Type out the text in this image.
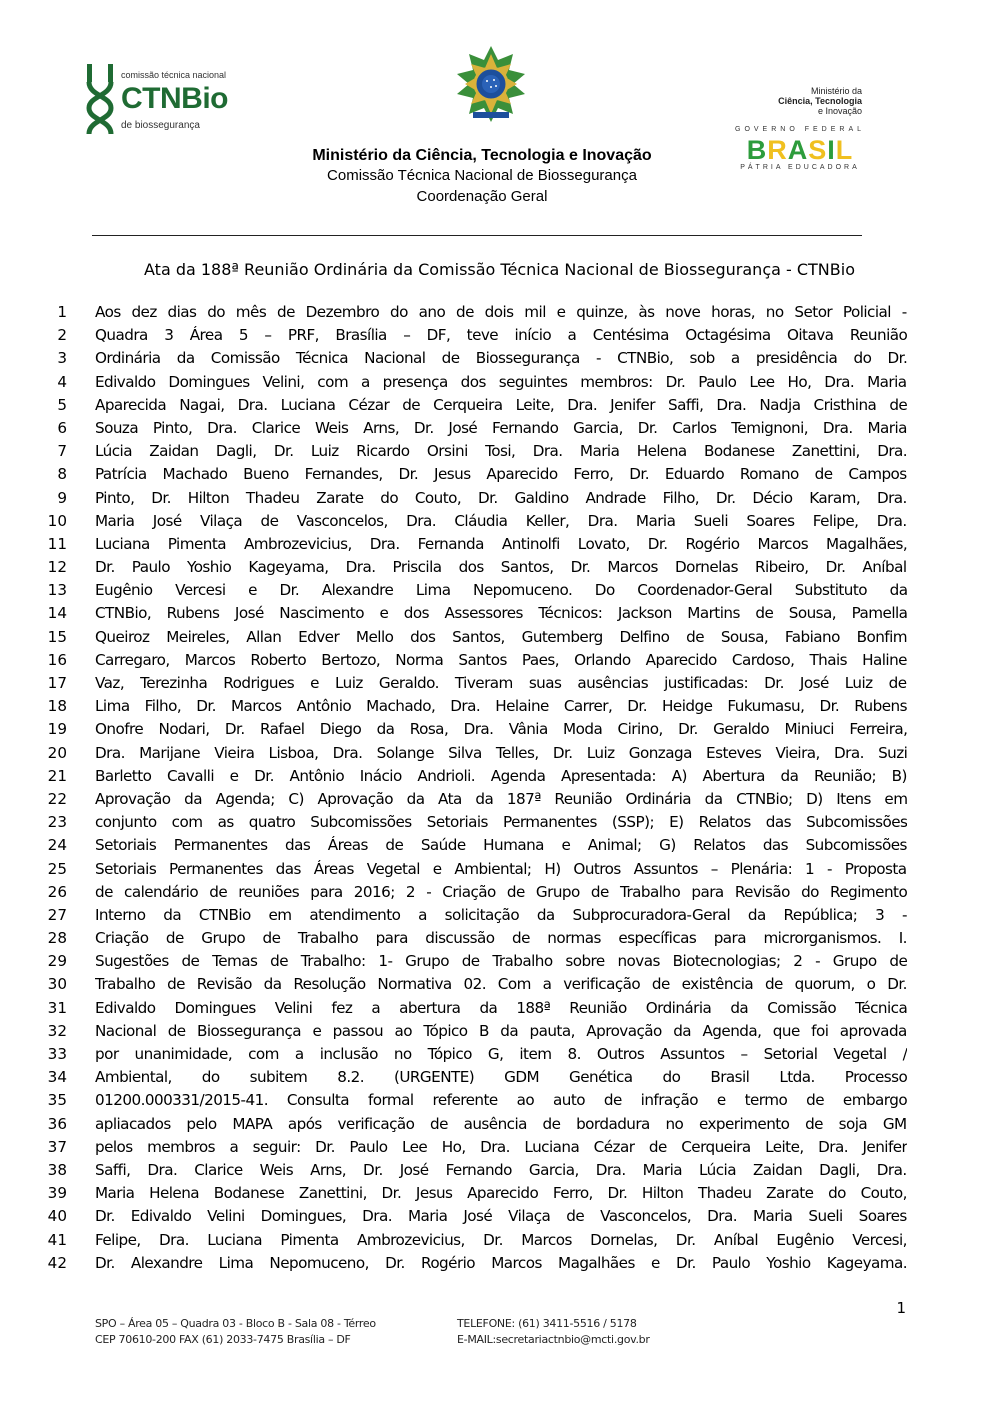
comissão técnica nacional
CTNBio
de biossegurança
Ministério da
Ciência, Tecnologia
e Inovação
GOVERNO FEDERAL
BRASIL
PÁTRIA EDUCADORA
Ministério da Ciência, Tecnologia e Inovação
Comissão Técnica Nacional de Biossegurança
Coordenação Geral
Ata da 188ª Reunião Ordinária da Comissão Técnica Nacional de Biossegurança - CTNBio
1 Aos dez dias do mês de Dezembro do ano de dois mil e quinze, às nove horas, no Setor Policial -
2 Quadra 3 Área 5 – PRF, Brasília – DF, teve início a Centésima Octagésima Oitava Reunião
3 Ordinária da Comissão Técnica Nacional de Biossegurança - CTNBio, sob a presidência do Dr.
4 Edivaldo Domingues Velini, com a presença dos seguintes membros: Dr. Paulo Lee Ho, Dra. Maria
5 Aparecida Nagai, Dra. Luciana Cézar de Cerqueira Leite, Dra. Jenifer Saffi, Dra. Nadja Cristhina de
6 Souza Pinto, Dra. Clarice Weis Arns, Dr. José Fernando Garcia, Dr. Carlos Temignoni, Dra. Maria
7 Lúcia Zaidan Dagli, Dr. Luiz Ricardo Orsini Tosi, Dra. Maria Helena Bodanese Zanettini, Dra.
8 Patrícia Machado Bueno Fernandes, Dr. Jesus Aparecido Ferro, Dr. Eduardo Romano de Campos
9 Pinto, Dr. Hilton Thadeu Zarate do Couto, Dr. Galdino Andrade Filho, Dr. Décio Karam, Dra.
10 Maria José Vilaça de Vasconcelos, Dra. Cláudia Keller, Dra. Maria Sueli Soares Felipe, Dra.
11 Luciana Pimenta Ambrozevicius, Dra. Fernanda Antinolfi Lovato, Dr. Rogério Marcos Magalhães,
12 Dr. Paulo Yoshio Kageyama, Dra. Priscila dos Santos, Dr. Marcos Dornelas Ribeiro, Dr. Aníbal
13 Eugênio Vercesi e Dr. Alexandre Lima Nepomuceno. Do Coordenador-Geral Substituto da
14 CTNBio, Rubens José Nascimento e dos Assessores Técnicos: Jackson Martins de Sousa, Pamella
15 Queiroz Meireles, Allan Edver Mello dos Santos, Gutemberg Delfino de Sousa, Fabiano Bonfim
16 Carregaro, Marcos Roberto Bertozo, Norma Santos Paes, Orlando Aparecido Cardoso, Thais Haline
17 Vaz, Terezinha Rodrigues e Luiz Geraldo. Tiveram suas ausências justificadas: Dr. José Luiz de
18 Lima Filho, Dr. Marcos Antônio Machado, Dra. Helaine Carrer, Dr. Heidge Fukumasu, Dr. Rubens
19 Onofre Nodari, Dr. Rafael Diego da Rosa, Dra. Vânia Moda Cirino, Dr. Geraldo Miniuci Ferreira,
20 Dra. Marijane Vieira Lisboa, Dra. Solange Silva Telles, Dr. Luiz Gonzaga Esteves Vieira, Dra. Suzi
21 Barletto Cavalli e Dr. Antônio Inácio Andrioli. Agenda Apresentada: A) Abertura da Reunião; B)
22 Aprovação da Agenda; C) Aprovação da Ata da 187ª Reunião Ordinária da CTNBio; D) Itens em
23 conjunto com as quatro Subcomissões Setoriais Permanentes (SSP); E) Relatos das Subcomissões
24 Setoriais Permanentes das Áreas de Saúde Humana e Animal; G) Relatos das Subcomissões
25 Setoriais Permanentes das Áreas Vegetal e Ambiental; H) Outros Assuntos – Plenária: 1 - Proposta
26 de calendário de reuniões para 2016; 2 - Criação de Grupo de Trabalho para Revisão do Regimento
27 Interno da CTNBio em atendimento a solicitação da Subprocuradora-Geral da República; 3 -
28 Criação de Grupo de Trabalho para discussão de normas específicas para microrganismos. I.
29 Sugestões de Temas de Trabalho: 1- Grupo de Trabalho sobre novas Biotecnologias; 2 - Grupo de
30 Trabalho de Revisão da Resolução Normativa 02. Com a verificação de existência de quorum, o Dr.
31 Edivaldo Domingues Velini fez a abertura da 188ª Reunião Ordinária da Comissão Técnica
32 Nacional de Biossegurança e passou ao Tópico B da pauta, Aprovação da Agenda, que foi aprovada
33 por unanimidade, com a inclusão no Tópico G, item 8. Outros Assuntos – Setorial Vegetal /
34 Ambiental, do subitem 8.2. (URGENTE) GDM Genética do Brasil Ltda. Processo
35 01200.000331/2015-41. Consulta formal referente ao auto de infração e termo de embargo
36 apliacados pelo MAPA após verificação de ausência de bordadura no experimento de soja GM
37 pelos membros a seguir: Dr. Paulo Lee Ho, Dra. Luciana Cézar de Cerqueira Leite, Dra. Jenifer
38 Saffi, Dra. Clarice Weis Arns, Dr. José Fernando Garcia, Dra. Maria Lúcia Zaidan Dagli, Dra.
39 Maria Helena Bodanese Zanettini, Dr. Jesus Aparecido Ferro, Dr. Hilton Thadeu Zarate do Couto,
40 Dr. Edivaldo Velini Domingues, Dra. Maria José Vilaça de Vasconcelos, Dra. Maria Sueli Soares
41 Felipe, Dra. Luciana Pimenta Ambrozevicius, Dr. Marcos Dornelas, Dr. Aníbal Eugênio Vercesi,
42 Dr. Alexandre Lima Nepomuceno, Dr. Rogério Marcos Magalhães e Dr. Paulo Yoshio Kageyama.
1
SPO – Área 05 – Quadra 03 - Bloco B - Sala 08 - Térreo
CEP 70610-200 FAX (61) 2033-7475 Brasília – DF
TELEFONE: (61) 3411-5516 / 5178
E-MAIL:secretariactnbio@mcti.gov.br
